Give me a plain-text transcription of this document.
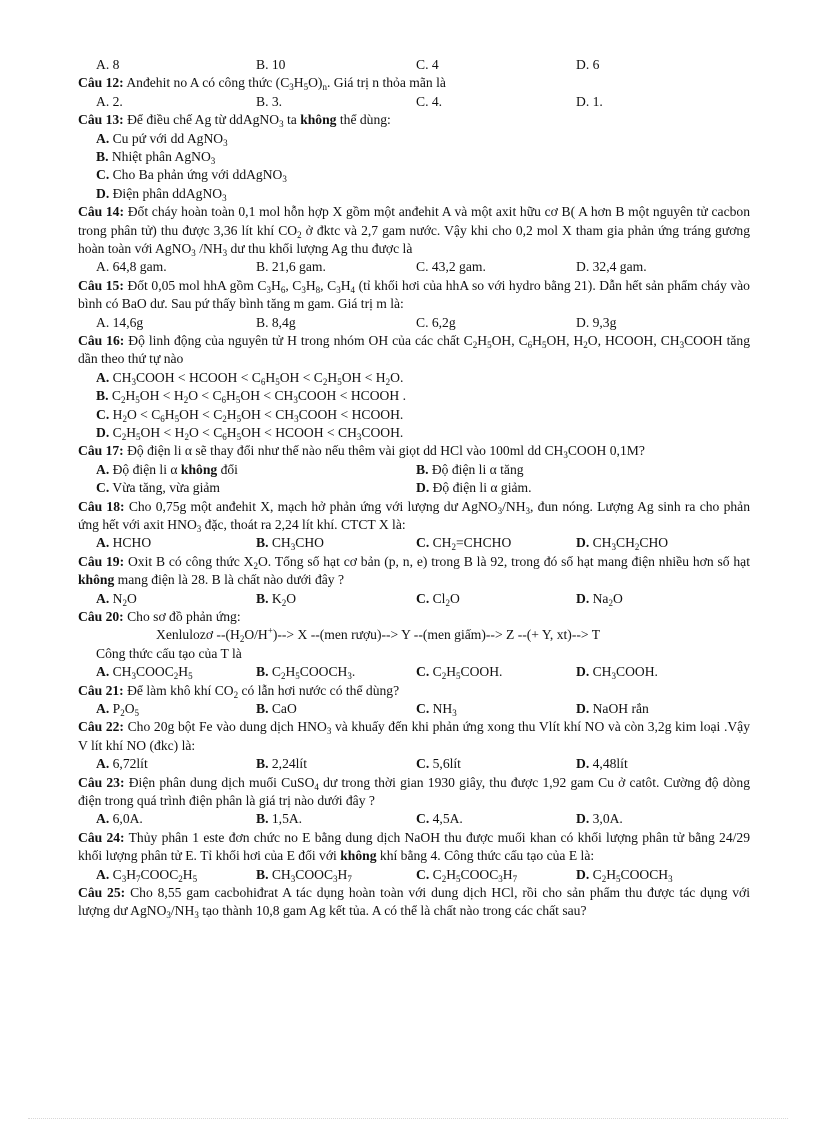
A. 8	B. 10	C. 4	D. 6
Câu 12: Anđehit no A có công thức $(C_3H_5O)_n$. Giá trị n thỏa mãn là
A. 2.	B. 3.	C. 4.	D. 1.
Câu 13: Để điều chế Ag từ ddAgNO$_3$ ta không thể dùng:
A. Cu pứ với dd AgNO$_3$
B. Nhiệt phân AgNO$_3$
C. Cho Ba phản ứng với ddAgNO$_3$
D. Điện phân ddAgNO$_3$
Câu 14: Đốt cháy hoàn toàn 0,1 mol hỗn hợp X gồm một anđehit A và một axit hữu cơ B( A hơn B một nguyên tử cacbon trong phân tử) thu được 3,36 lít khí $CO_2$ ở đktc và 2,7 gam nước. Vậy khi cho 0,2 mol X tham gia phản ứng tráng gương hoàn toàn với AgNO$_3$ $/NH_3$ dư thu khối lượng Ag thu được là
A. 64,8 gam.	B. 21,6 gam.	C. 43,2 gam.	D. 32,4 gam.
Câu 15: Đốt 0,05 mol hhA gồm $C_3H_6$, $C_3H_8$, $C_3H_4$ (tỉ khối hơi của hhA so với hydro bằng 21). Dẫn hết sản phẩm cháy vào bình có BaO dư. Sau pứ thấy bình tăng m gam. Giá trị m là:
A. 14,6g	B. 8,4g	C. 6,2g	D. 9,3g
Câu 16: Độ linh động của nguyên tử H trong nhóm OH của các chất $C_2H_5OH$, $C_6H_5OH$, $H_2O$, HCOOH, $CH_3COOH$ tăng dần theo thứ tự nào
A. $CH_3COOH$ < HCOOH < $C_6H_5OH < C_2H_5OH < H_2O$.
B. $C_2H_5OH < H_2O < C_6H_5OH$ < $CH_3COOH$ < HCOOH .
C. $H_2O < C_6H_5OH < C_2H_5OH$ < $CH_3COOH$ < HCOOH.
D. $C_2H_5OH < H_2O < C_6H_5OH$ < HCOOH < $CH_3COOH$.
Câu 17: Độ điện li α sẽ thay đổi như thế nào nếu thêm vài giọt dd HCl vào 100ml dd $CH_3COOH$ 0,1M?
A. Độ điện li α không đổi	B. Độ điện li α tăng
C. Vừa tăng, vừa giảm	D. Độ điện li α giảm.
Câu 18: Cho 0,75g một anđehit X, mạch hở phản ứng với lượng dư $AgNO_3/NH_3$, đun nóng. Lượng Ag sinh ra cho phản ứng hết với axit $HNO_3$ đặc, thoát ra 2,24 lít khí. CTCT X là:
A. HCHO	B. $CH_3CHO$	C. $CH_2=CHCHO$	D. $CH_3CH_2CHO$
Câu 19: Oxit B có công thức $X_2O$. Tổng số hạt cơ bản (p, n, e) trong B là 92, trong đó số hạt mang điện nhiều hơn số hạt không mang điện là 28. B là chất nào dưới đây ?
A. $N_2O$	B. $K_2O$	C. $Cl_2O$	D. $Na_2O$
Câu 20: Cho sơ đồ phản ứng:
Xenlulozơ $--(H_2O/H^+)--> X$ --(men rượu)--> Y --(men giấm)--> Z --(+ Y, xt)--> T
Công thức cấu tạo của T là
A. $CH_3COOC_2H_5$	B. $C_2H_5COOCH_3$.	C. $C_2H_5COOH$.	D. $CH_3COOH$.
Câu 21: Để làm khô khí $CO_2$ có lẫn hơi nước có thể dùng?
A. $P_2O_5$	B. CaO	C. $NH_3$	D. NaOH rắn
Câu 22: Cho 20g bột Fe vào dung dịch $HNO_3$ và khuấy đến khi phản ứng xong thu Vlít khí NO và còn 3,2g kim loại .Vậy V lít khí NO (đkc) là:
A. 6,72lít	B. 2,24lít	C. 5,6lít	D. 4,48lít
Câu 23: Điện phân dung dịch muối CuSO$_4$ dư trong thời gian 1930 giây, thu được 1,92 gam Cu ở catôt. Cường độ dòng điện trong quá trình điện phân là giá trị nào dưới đây ?
A. 6,0A.	B. 1,5A.	C. 4,5A.	D. 3,0A.
Câu 24: Thủy phân 1 este đơn chức no E bằng dung dịch NaOH thu được muối khan có khối lượng phân tử bằng 24/29 khối lượng phân tử E. Tỉ khối hơi của E đối với không khí bằng 4. Công thức cấu tạo của E là:
A. $C_3H_7COOC_2H_5$	B. $CH_3COOC_3H_7$	C. $C_2H_5COOC_3H_7$	D. $C_2H_5COOCH_3$
Câu 25: Cho 8,55 gam cacbohiđrat A tác dụng hoàn toàn với dung dịch HCl, rồi cho sản phẩm thu được tác dụng với lượng dư $AgNO_3/NH_3$ tạo thành 10,8 gam Ag kết tủa. A có thể là chất nào trong các chất sau?
